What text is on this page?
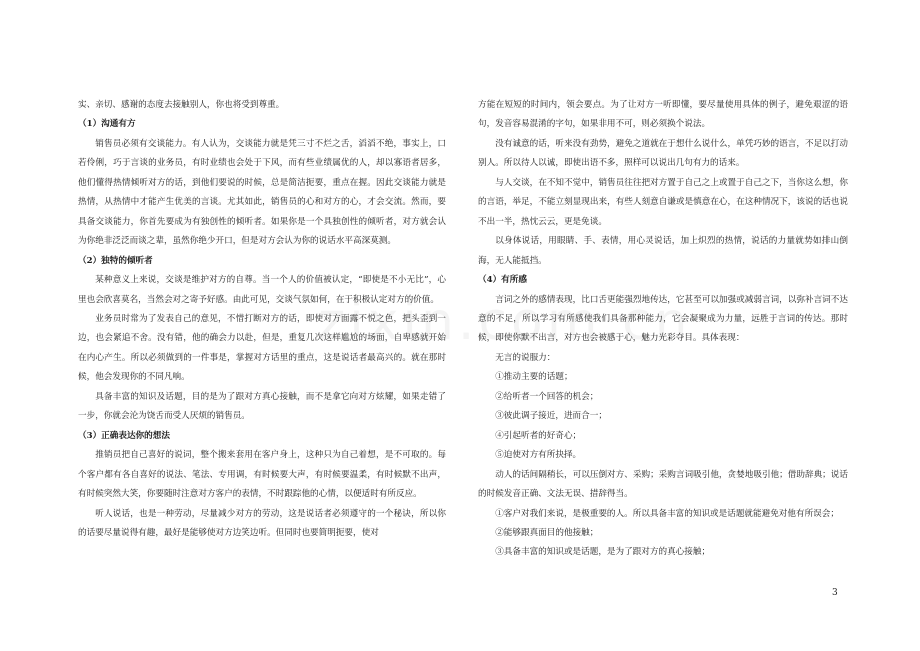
实、亲切、感谢的态度去接触别人，你也将受到尊重。

（1）沟通有方

销售员必须有交谈能力。有人认为，交谈能力就是凭三寸不烂之舌，滔滔不绝，事实上，口若伶俐，巧于言谈的业务员，有时业绩也会处于下风，而有些业绩属优的人，却以寡语者居多，他们懂得热情倾听对方的话，到他们要说的时候，总是简洁扼要，重点在握。因此交谈能力就是热情，从热情中才能产生优美的言谈。尤其如此，销售员的心和对方的心，才会交流。然而，要具备交谈能力，你首先要成为有独创性的倾听者。如果你是一个具独创性的倾听者，对方就会认为你绝非泛泛而谈之辈，虽然你绝少开口，但是对方会认为你的说话水平高深莫测。

（2）独特的倾听者

某种意义上来说，交谈是维护对方的自尊。当一个人的价值被认定，“即使是不小无比”，心里也会欣喜莫名，当然会对之寄予好感。由此可见，交谈气氛如何，在于积极认定对方的价值。

业务员时常为了发表自己的意见，不惜打断对方的话，即使对方面露不悦之色，把头歪到一边，也会紧追不舍。没有错，他的确会力以赴，但是，重复几次这样尴尬的场面，自卑感就开始在内心产生。所以必须做到的一件事是，掌握对方话里的重点，这是说话者最高兴的。就在那时候，他会发现你的不同凡响。

具备丰富的知识及话题，目的是为了跟对方真心接触，而不是拿它向对方炫耀，如果走错了一步，你就会沦为饶舌而受人厌烦的销售员。

（3）正确表达你的想法

推销员把自己喜好的说词，整个搬来套用在客户身上，这种只为自己着想，是不可取的。每个客户都有各自喜好的说法、笔法、专用调，有时候要大声，有时候要温柔，有时候默不出声，有时候突然大笑，你要随时注意对方客户的表情，不时跟踪他的心情，以便适时有所反应。

听人说话，也是一种劳动，尽量减少对方的劳动，这是说话者必须遵守的一个秘诀，所以你的话要尽量说得有趣，最好是能够使对方边笑边听。但同时也要简明扼要，使对

方能在短短的时间内，领会要点。为了让对方一听即懂，要尽量使用具体的例子，避免艰涩的语句，发音容易混淆的字句，如果非用不可，则必须换个说法。

没有诚意的话，听来没有劲势，避免之道就在于想什么说什么，单凭巧妙的语言，不足以打动别人。所以待人以诚，即使出语不多，照样可以说出几句有力的话来。

与人交谈，在不知不觉中，销售员往往把对方置于自己之上或置于自己之下，当你这么想，你的言语，举足，不能立刻显现出来，有些人刻意自谦或是慎意在心，在这种情况下，该说的话也说不出一半，热忱云云，更是免谈。

以身体说话，用眼睛、手、表情，用心灵说话，加上炽烈的热情，说话的力量就势如排山倒海，无人能抵挡。

（4）有所感

言词之外的感情表现，比口舌更能强烈地传达，它甚至可以加强或减弱言词，以弥补言词不达意的不足，所以学习有所感使我们具备那种能力，它会凝聚成为力量，远胜于言词的传达。那时候，即使你默不出言，对方也会被感于心，魅力光彩夺目。具体表现：

无言的说服力：

①推动主要的话题；

②给听者一个回答的机会；

③彼此调子接近，进而合一；

④引起听者的好奇心；

⑤迫使对方有所抉择。

动人的话间隔稍长，可以压倒对方、采购；采购言词吸引他，贪婪地吸引他；借助辞典；说话的时候发音正确、文法无误、措辞得当。

①客户对我们来说，是极重要的人。所以具备丰富的知识或是话题就能避免对他有所误会；

②能够跟真面目的他接触；

③具备丰富的知识或是话题，是为了跟对方的真心接触；

3
